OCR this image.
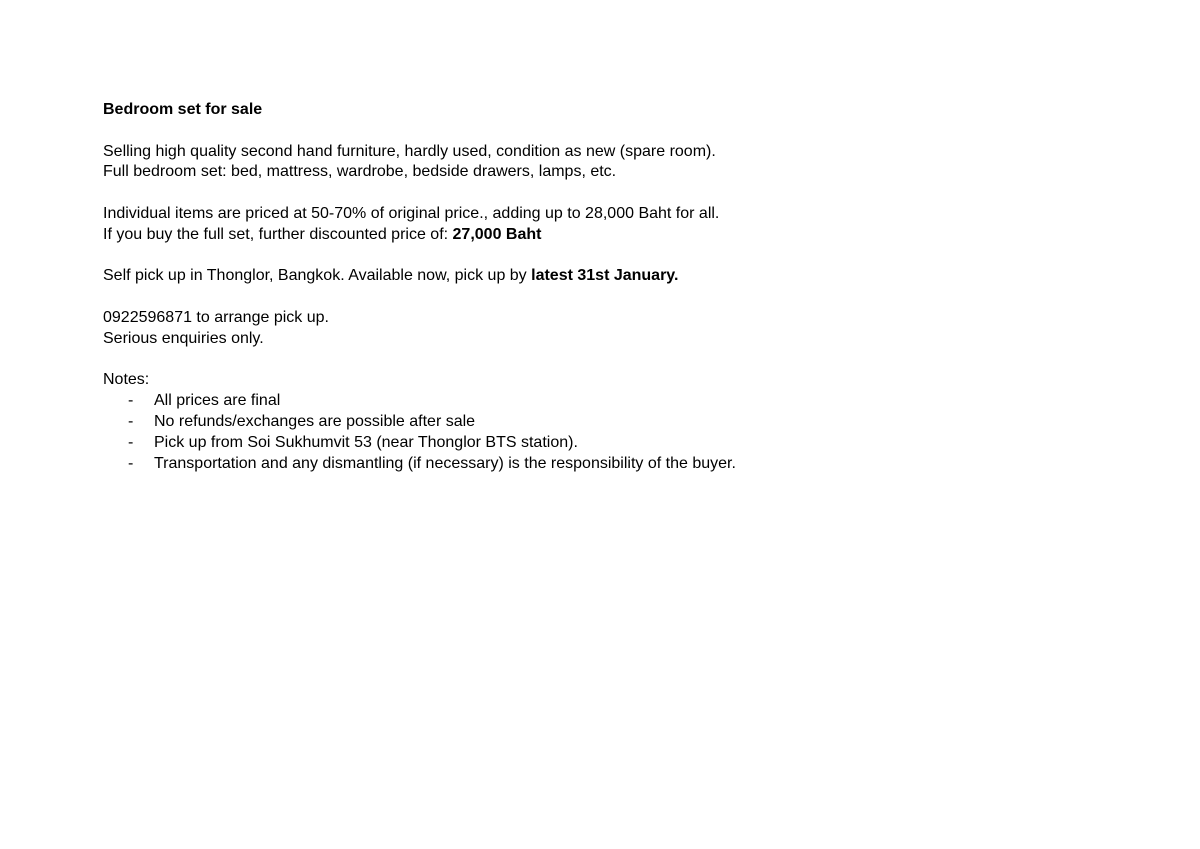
Bedroom set for sale
Selling high quality second hand furniture, hardly used, condition as new (spare room).
Full bedroom set: bed, mattress, wardrobe, bedside drawers, lamps, etc.
Individual items are priced at 50-70% of original price., adding up to 28,000 Baht for all.
If you buy the full set, further discounted price of: 27,000 Baht
Self pick up in Thonglor, Bangkok. Available now, pick up by latest 31st January.
0922596871 to arrange pick up.
Serious enquiries only.
Notes:
- All prices are final
- No refunds/exchanges are possible after sale
- Pick up from Soi Sukhumvit 53 (near Thonglor BTS station).
- Transportation and any dismantling (if necessary) is the responsibility of the buyer.
